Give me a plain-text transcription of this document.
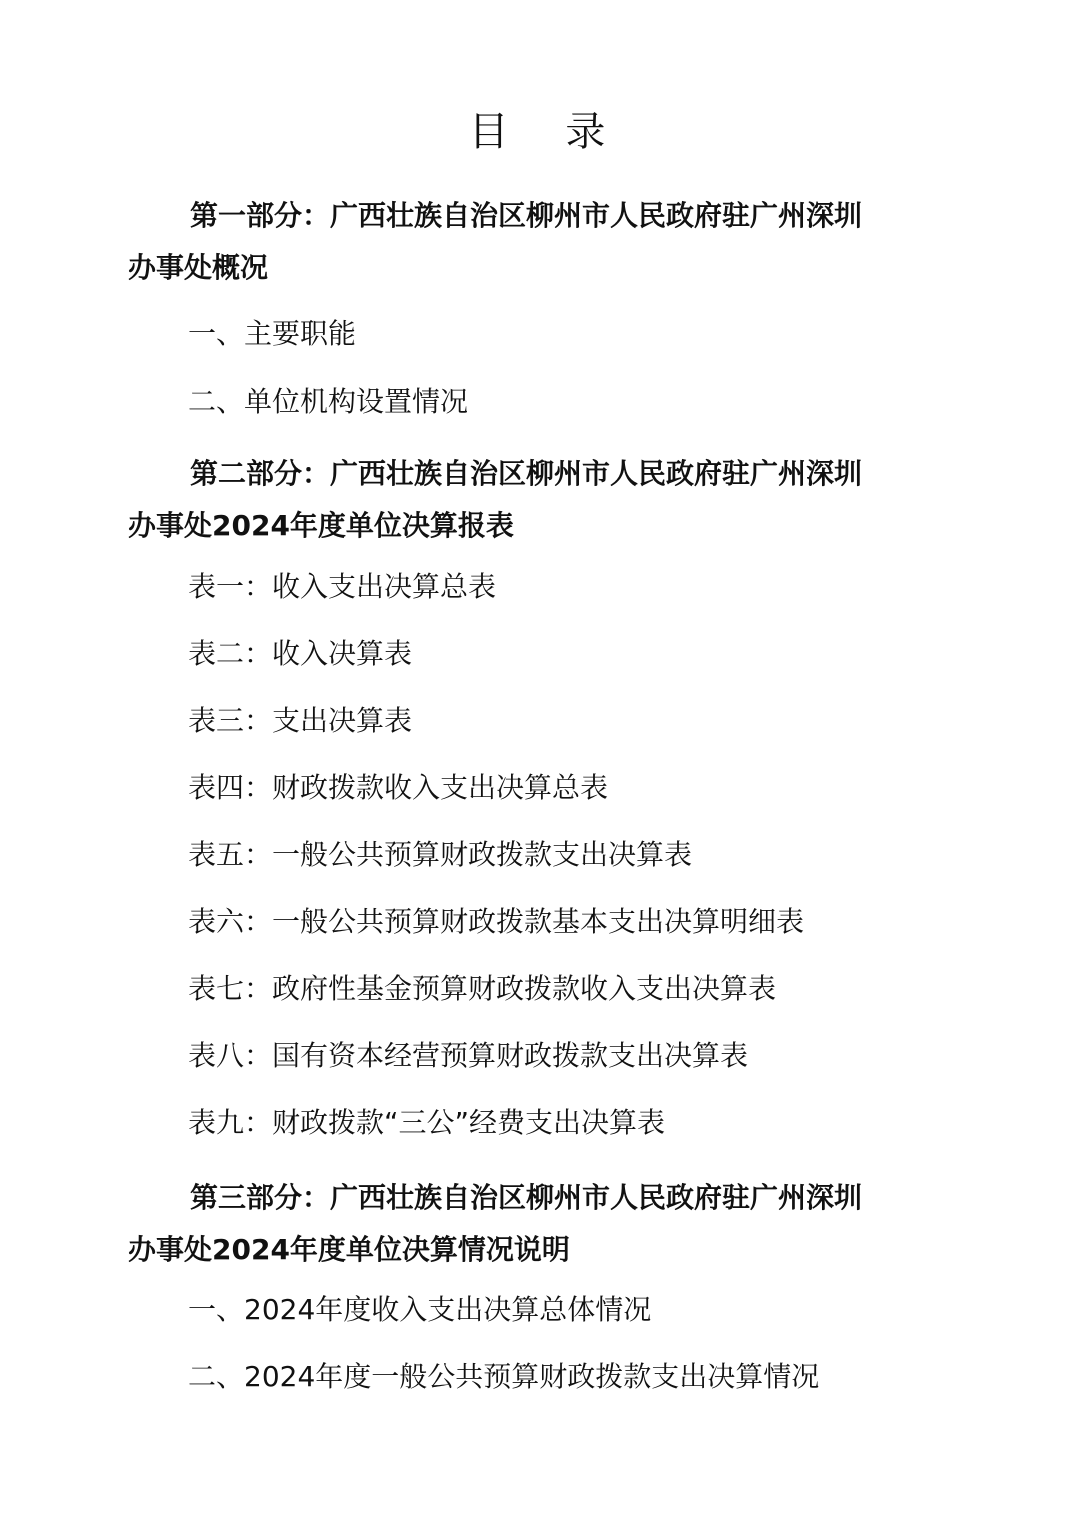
目 录

第一部分：广西壮族自治区柳州市人民政府驻广州深圳办事处概况

一、主要职能

二、单位机构设置情况

第二部分：广西壮族自治区柳州市人民政府驻广州深圳办事处2024年度单位决算报表

表一：收入支出决算总表

表二：收入决算表

表三：支出决算表

表四：财政拨款收入支出决算总表

表五：一般公共预算财政拨款支出决算表

表六：一般公共预算财政拨款基本支出决算明细表

表七：政府性基金预算财政拨款收入支出决算表

表八：国有资本经营预算财政拨款支出决算表

表九：财政拨款“三公”经费支出决算表

第三部分：广西壮族自治区柳州市人民政府驻广州深圳办事处2024年度单位决算情况说明

一、2024年度收入支出决算总体情况

二、2024年度一般公共预算财政拨款支出决算情况
